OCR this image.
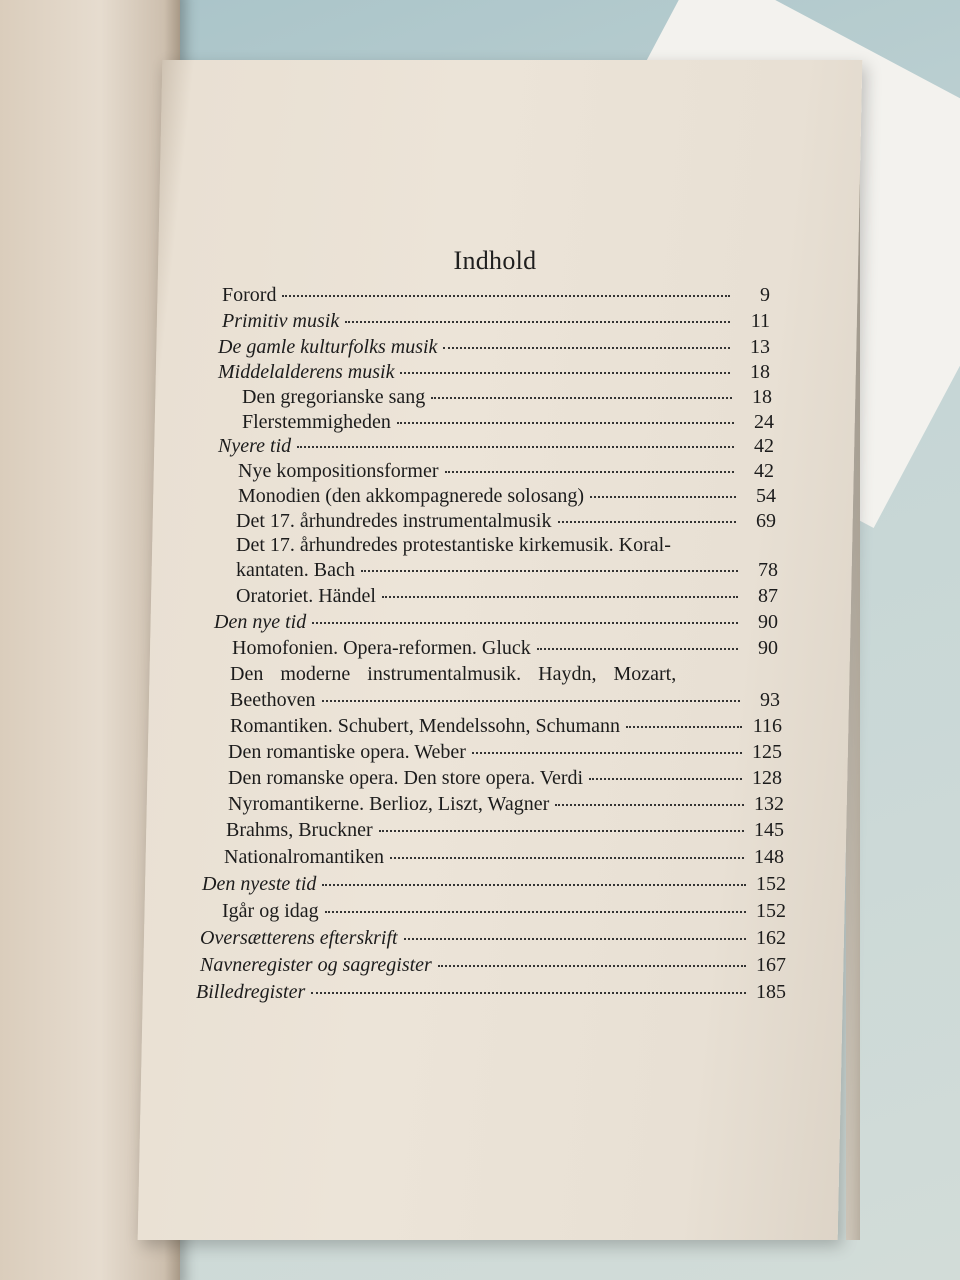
Indhold
Forord	9
Primitiv musik	11
De gamle kulturfolks musik	13
Middelalderens musik	18
Den gregorianske sang	18
Flerstemmigheden	24
Nyere tid	42
Nye kompositionsformer	42
Monodien (den akkompagnerede solosang)	54
Det 17. århundredes instrumentalmusik	69
Det 17. århundredes protestantiske kirkemusik. Koral-
kantaten. Bach	78
Oratoriet. Händel	87
Den nye tid	90
Homofonien. Opera-reformen. Gluck	90
Den moderne instrumentalmusik. Haydn, Mozart,
Beethoven	93
Romantiken. Schubert, Mendelssohn, Schumann	116
Den romantiske opera. Weber	125
Den romanske opera. Den store opera. Verdi	128
Nyromantikerne. Berlioz, Liszt, Wagner	132
Brahms, Bruckner	145
Nationalromantiken	148
Den nyeste tid	152
Igår og idag	152
Oversætterens efterskrift	162
Navneregister og sagregister	167
Billedregister	185
